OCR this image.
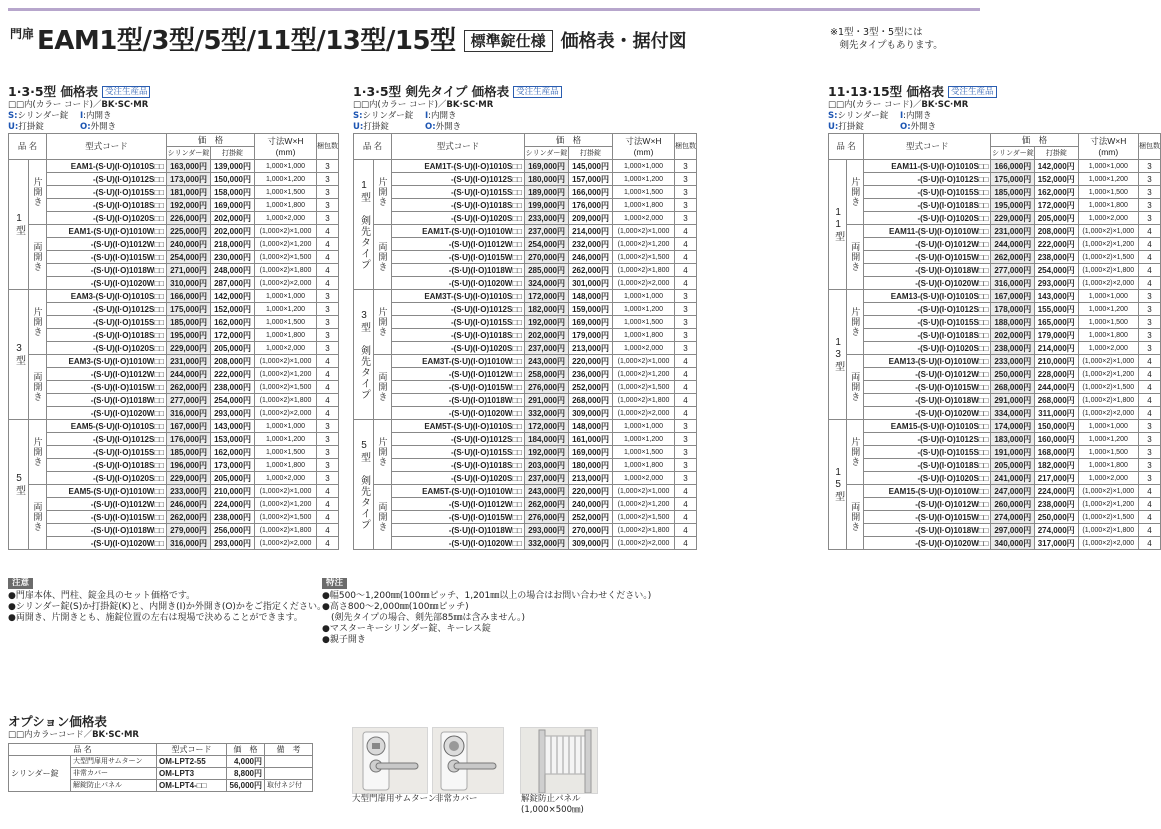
門扉 EAM1型/3型/5型/11型/13型/15型	標準錠仕様 価格表・据付図	※1型・3型・5型には
　剣先タイプもあります。
1·3·5型 価格表 受注生産品
□□内(カラー コード)／BK·SC·MR
S:シリンダー錠 I:内開き
U:打掛錠	O:外開き
品 名		型式コード	価　格		寸法W×H
(mm)	梱包数
			シリンダー錠	打掛錠		
1型	片開き	EAM1-(S·U)(I·O)1010S□□	163,000円	139,000円	1,000×1,000	3
		-(S·U)(I·O)1012S□□	173,000円	150,000円	1,000×1,200	3
		-(S·U)(I·O)1015S□□	181,000円	158,000円	1,000×1,500	3
		-(S·U)(I·O)1018S□□	192,000円	169,000円	1,000×1,800	3
		-(S·U)(I·O)1020S□□	226,000円	202,000円	1,000×2,000	3
	両開き	EAM1-(S·U)(I·O)1010W□□	225,000円	202,000円	(1,000×2)×1,000	4
		-(S·U)(I·O)1012W□□	240,000円	218,000円	(1,000×2)×1,200	4
		-(S·U)(I·O)1015W□□	254,000円	230,000円	(1,000×2)×1,500	4
		-(S·U)(I·O)1018W□□	271,000円	248,000円	(1,000×2)×1,800	4
		-(S·U)(I·O)1020W□□	310,000円	287,000円	(1,000×2)×2,000	4
3型	片開き	EAM3-(S·U)(I·O)1010S□□	166,000円	142,000円	1,000×1,000	3
		-(S·U)(I·O)1012S□□	175,000円	152,000円	1,000×1,200	3
		-(S·U)(I·O)1015S□□	185,000円	162,000円	1,000×1,500	3
		-(S·U)(I·O)1018S□□	195,000円	172,000円	1,000×1,800	3
		-(S·U)(I·O)1020S□□	229,000円	205,000円	1,000×2,000	3
	両開き	EAM3-(S·U)(I·O)1010W□□	231,000円	208,000円	(1,000×2)×1,000	4
		-(S·U)(I·O)1012W□□	244,000円	222,000円	(1,000×2)×1,200	4
		-(S·U)(I·O)1015W□□	262,000円	238,000円	(1,000×2)×1,500	4
		-(S·U)(I·O)1018W□□	277,000円	254,000円	(1,000×2)×1,800	4
		-(S·U)(I·O)1020W□□	316,000円	293,000円	(1,000×2)×2,000	4
5型	片開き	EAM5-(S·U)(I·O)1010S□□	167,000円	143,000円	1,000×1,000	3
		-(S·U)(I·O)1012S□□	176,000円	153,000円	1,000×1,200	3
		-(S·U)(I·O)1015S□□	185,000円	162,000円	1,000×1,500	3
		-(S·U)(I·O)1018S□□	196,000円	173,000円	1,000×1,800	3
		-(S·U)(I·O)1020S□□	229,000円	205,000円	1,000×2,000	3
	両開き	EAM5-(S·U)(I·O)1010W□□	233,000円	210,000円	(1,000×2)×1,000	4
		-(S·U)(I·O)1012W□□	246,000円	224,000円	(1,000×2)×1,200	4
		-(S·U)(I·O)1015W□□	262,000円	238,000円	(1,000×2)×1,500	4
		-(S·U)(I·O)1018W□□	279,000円	256,000円	(1,000×2)×1,800	4
		-(S·U)(I·O)1020W□□	316,000円	293,000円	(1,000×2)×2,000	4
1·3·5型 剣先タイプ 価格表 受注生産品
□□内(カラー コード)／BK·SC·MR
S:シリンダー錠 I:内開き
U:打掛錠	O:外開き
品 名		型式コード	価　格		寸法W×H
(mm)	梱包数
			シリンダー錠	打掛錠		
1型 剣先タイプ	片開き	EAM1T-(S·U)(I·O)1010S□□	169,000円	145,000円	1,000×1,000	3
		-(S·U)(I·O)1012S□□	180,000円	157,000円	1,000×1,200	3
		-(S·U)(I·O)1015S□□	189,000円	166,000円	1,000×1,500	3
		-(S·U)(I·O)1018S□□	199,000円	176,000円	1,000×1,800	3
		-(S·U)(I·O)1020S□□	233,000円	209,000円	1,000×2,000	3
	両開き	EAM1T-(S·U)(I·O)1010W□□	237,000円	214,000円	(1,000×2)×1,000	4
		-(S·U)(I·O)1012W□□	254,000円	232,000円	(1,000×2)×1,200	4
		-(S·U)(I·O)1015W□□	270,000円	246,000円	(1,000×2)×1,500	4
		-(S·U)(I·O)1018W□□	285,000円	262,000円	(1,000×2)×1,800	4
		-(S·U)(I·O)1020W□□	324,000円	301,000円	(1,000×2)×2,000	4
3型 剣先タイプ	片開き	EAM3T-(S·U)(I·O)1010S□□	172,000円	148,000円	1,000×1,000	3
		-(S·U)(I·O)1012S□□	182,000円	159,000円	1,000×1,200	3
		-(S·U)(I·O)1015S□□	192,000円	169,000円	1,000×1,500	3
		-(S·U)(I·O)1018S□□	202,000円	179,000円	1,000×1,800	3
		-(S·U)(I·O)1020S□□	237,000円	213,000円	1,000×2,000	3
	両開き	EAM3T-(S·U)(I·O)1010W□□	243,000円	220,000円	(1,000×2)×1,000	4
		-(S·U)(I·O)1012W□□	258,000円	236,000円	(1,000×2)×1,200	4
		-(S·U)(I·O)1015W□□	276,000円	252,000円	(1,000×2)×1,500	4
		-(S·U)(I·O)1018W□□	291,000円	268,000円	(1,000×2)×1,800	4
		-(S·U)(I·O)1020W□□	332,000円	309,000円	(1,000×2)×2,000	4
5型 剣先タイプ	片開き	EAM5T-(S·U)(I·O)1010S□□	172,000円	148,000円	1,000×1,000	3
		-(S·U)(I·O)1012S□□	184,000円	161,000円	1,000×1,200	3
		-(S·U)(I·O)1015S□□	192,000円	169,000円	1,000×1,500	3
		-(S·U)(I·O)1018S□□	203,000円	180,000円	1,000×1,800	3
		-(S·U)(I·O)1020S□□	237,000円	213,000円	1,000×2,000	3
	両開き	EAM5T-(S·U)(I·O)1010W□□	243,000円	220,000円	(1,000×2)×1,000	4
		-(S·U)(I·O)1012W□□	262,000円	240,000円	(1,000×2)×1,200	4
		-(S·U)(I·O)1015W□□	276,000円	252,000円	(1,000×2)×1,500	4
		-(S·U)(I·O)1018W□□	293,000円	270,000円	(1,000×2)×1,800	4
		-(S·U)(I·O)1020W□□	332,000円	309,000円	(1,000×2)×2,000	4
11·13·15型 価格表 受注生産品
□□内(カラー コード)／BK·SC·MR
S:シリンダー錠 I:内開き
U:打掛錠	O:外開き
品 名		型式コード	価　格		寸法W×H
(mm)	梱包数
			シリンダー錠	打掛錠		
11型	片開き	EAM11-(S·U)(I·O)1010S□□	166,000円	142,000円	1,000×1,000	3
		-(S·U)(I·O)1012S□□	175,000円	152,000円	1,000×1,200	3
		-(S·U)(I·O)1015S□□	185,000円	162,000円	1,000×1,500	3
		-(S·U)(I·O)1018S□□	195,000円	172,000円	1,000×1,800	3
		-(S·U)(I·O)1020S□□	229,000円	205,000円	1,000×2,000	3
	両開き	EAM11-(S·U)(I·O)1010W□□	231,000円	208,000円	(1,000×2)×1,000	4
		-(S·U)(I·O)1012W□□	244,000円	222,000円	(1,000×2)×1,200	4
		-(S·U)(I·O)1015W□□	262,000円	238,000円	(1,000×2)×1,500	4
		-(S·U)(I·O)1018W□□	277,000円	254,000円	(1,000×2)×1,800	4
		-(S·U)(I·O)1020W□□	316,000円	293,000円	(1,000×2)×2,000	4
13型	片開き	EAM13-(S·U)(I·O)1010S□□	167,000円	143,000円	1,000×1,000	3
		-(S·U)(I·O)1012S□□	178,000円	155,000円	1,000×1,200	3
		-(S·U)(I·O)1015S□□	188,000円	165,000円	1,000×1,500	3
		-(S·U)(I·O)1018S□□	202,000円	179,000円	1,000×1,800	3
		-(S·U)(I·O)1020S□□	238,000円	214,000円	1,000×2,000	3
	両開き	EAM13-(S·U)(I·O)1010W□□	233,000円	210,000円	(1,000×2)×1,000	4
		-(S·U)(I·O)1012W□□	250,000円	228,000円	(1,000×2)×1,200	4
		-(S·U)(I·O)1015W□□	268,000円	244,000円	(1,000×2)×1,500	4
		-(S·U)(I·O)1018W□□	291,000円	268,000円	(1,000×2)×1,800	4
		-(S·U)(I·O)1020W□□	334,000円	311,000円	(1,000×2)×2,000	4
15型	片開き	EAM15-(S·U)(I·O)1010S□□	174,000円	150,000円	1,000×1,000	3
		-(S·U)(I·O)1012S□□	183,000円	160,000円	1,000×1,200	3
		-(S·U)(I·O)1015S□□	191,000円	168,000円	1,000×1,500	3
		-(S·U)(I·O)1018S□□	205,000円	182,000円	1,000×1,800	3
		-(S·U)(I·O)1020S□□	241,000円	217,000円	1,000×2,000	3
	両開き	EAM15-(S·U)(I·O)1010W□□	247,000円	224,000円	(1,000×2)×1,000	4
		-(S·U)(I·O)1012W□□	260,000円	238,000円	(1,000×2)×1,200	4
		-(S·U)(I·O)1015W□□	274,000円	250,000円	(1,000×2)×1,500	4
		-(S·U)(I·O)1018W□□	297,000円	274,000円	(1,000×2)×1,800	4
		-(S·U)(I·O)1020W□□	340,000円	317,000円	(1,000×2)×2,000	4
注意
●門扉本体、門柱、錠金具のセット価格です。
●シリンダー錠(S)か打掛錠(K)と、内開き(I)か外開き(O)かをご指定ください。
●両開き、片開きとも、施錠位置の左右は現場で決めることができます。
特注
●幅500～1,200㎜(100㎜ピッチ、1,201㎜以上の場合はお問い合わせください。)
●高さ800～2,000㎜(100㎜ピッチ)
　(剣先タイプの場合、剣先部85㎜は含みません。)
●マスターキーシリンダー錠、キーレス錠
●親子開き
オプション価格表
□□内カラーコード／BK·SC·MR
品 名		型式コード	価　格	備　考
シリンダー錠	大型門扉用サムターン	OM-LPT2-55	4,000円	
	非常カバー	OM-LPT3	8,800円	
	解錠防止パネル	OM-LPT4-□□	56,000円	取付ネジ付
大型門扉用サムターン
非常カバー	解錠防止パネル
(1,000×500㎜)
